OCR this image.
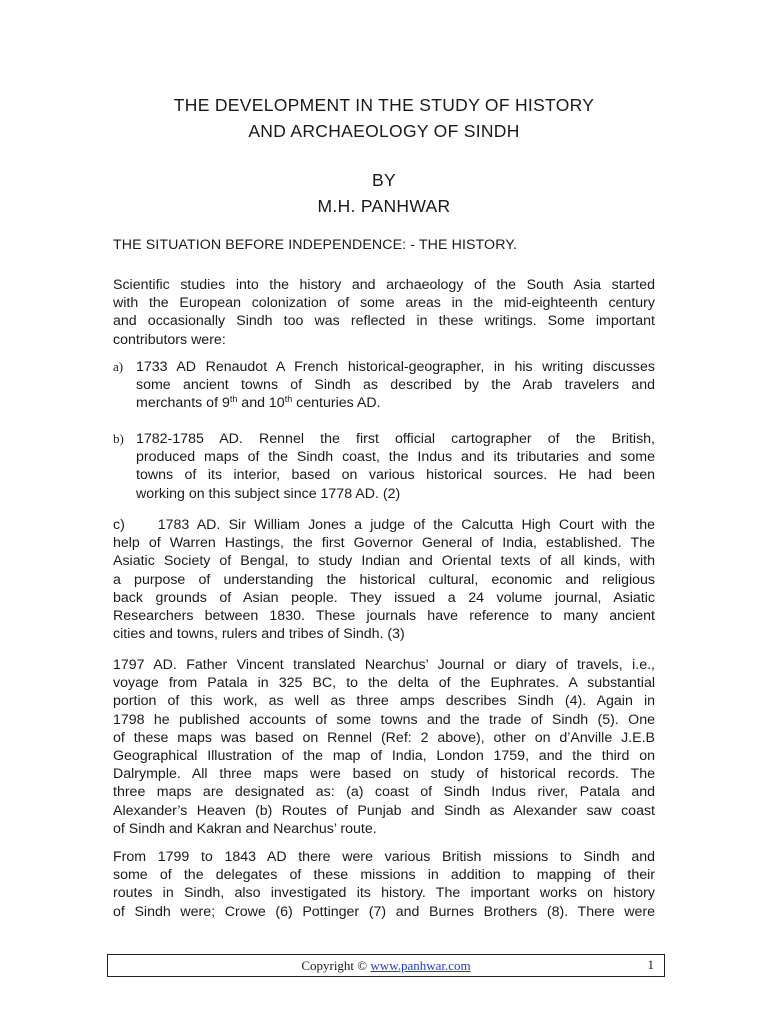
THE DEVELOPMENT IN THE STUDY OF HISTORY
AND ARCHAEOLOGY OF SINDH
BY
M.H. PANHWAR
THE SITUATION BEFORE INDEPENDENCE: - THE HISTORY.
Scientific studies into the history and archaeology of the South Asia started
with the European colonization of some areas in the mid-eighteenth century
and occasionally Sindh too was reflected in these writings. Some important
contributors were:
a) 1733 AD Renaudot A French historical-geographer, in his writing discusses
some ancient towns of Sindh as described by the Arab travelers and
merchants of 9th and 10th centuries AD.
b) 1782-1785 AD. Rennel the first official cartographer of the British,
produced maps of the Sindh coast, the Indus and its tributaries and some
towns of its interior, based on various historical sources. He had been
working on this subject since 1778 AD. (2)
c)    1783 AD. Sir William Jones a judge of the Calcutta High Court with the
help of Warren Hastings, the first Governor General of India, established. The
Asiatic Society of Bengal, to study Indian and Oriental texts of all kinds, with
a purpose of understanding the historical cultural, economic and religious
back grounds of Asian people. They issued a 24 volume journal, Asiatic
Researchers between 1830. These journals have reference to many ancient
cities and towns, rulers and tribes of Sindh. (3)
1797 AD. Father Vincent translated Nearchus’ Journal or diary of travels, i.e.,
voyage from Patala in 325 BC, to the delta of the Euphrates. A substantial
portion of this work, as well as three amps describes Sindh (4). Again in
1798 he published accounts of some towns and the trade of Sindh (5). One
of these maps was based on Rennel (Ref: 2 above), other on d’Anville J.E.B
Geographical Illustration of the map of India, London 1759, and the third on
Dalrymple. All three maps were based on study of historical records. The
three maps are designated as: (a) coast of Sindh Indus river, Patala and
Alexander’s Heaven (b) Routes of Punjab and Sindh as Alexander saw coast
of Sindh and Kakran and Nearchus’ route.
From 1799 to 1843 AD there were various British missions to Sindh and
some of the delegates of these missions in addition to mapping of their
routes in Sindh, also investigated its history. The important works on history
of Sindh were; Crowe (6) Pottinger (7) and Burnes Brothers (8). There were
Copyright © www.panhwar.com	1
